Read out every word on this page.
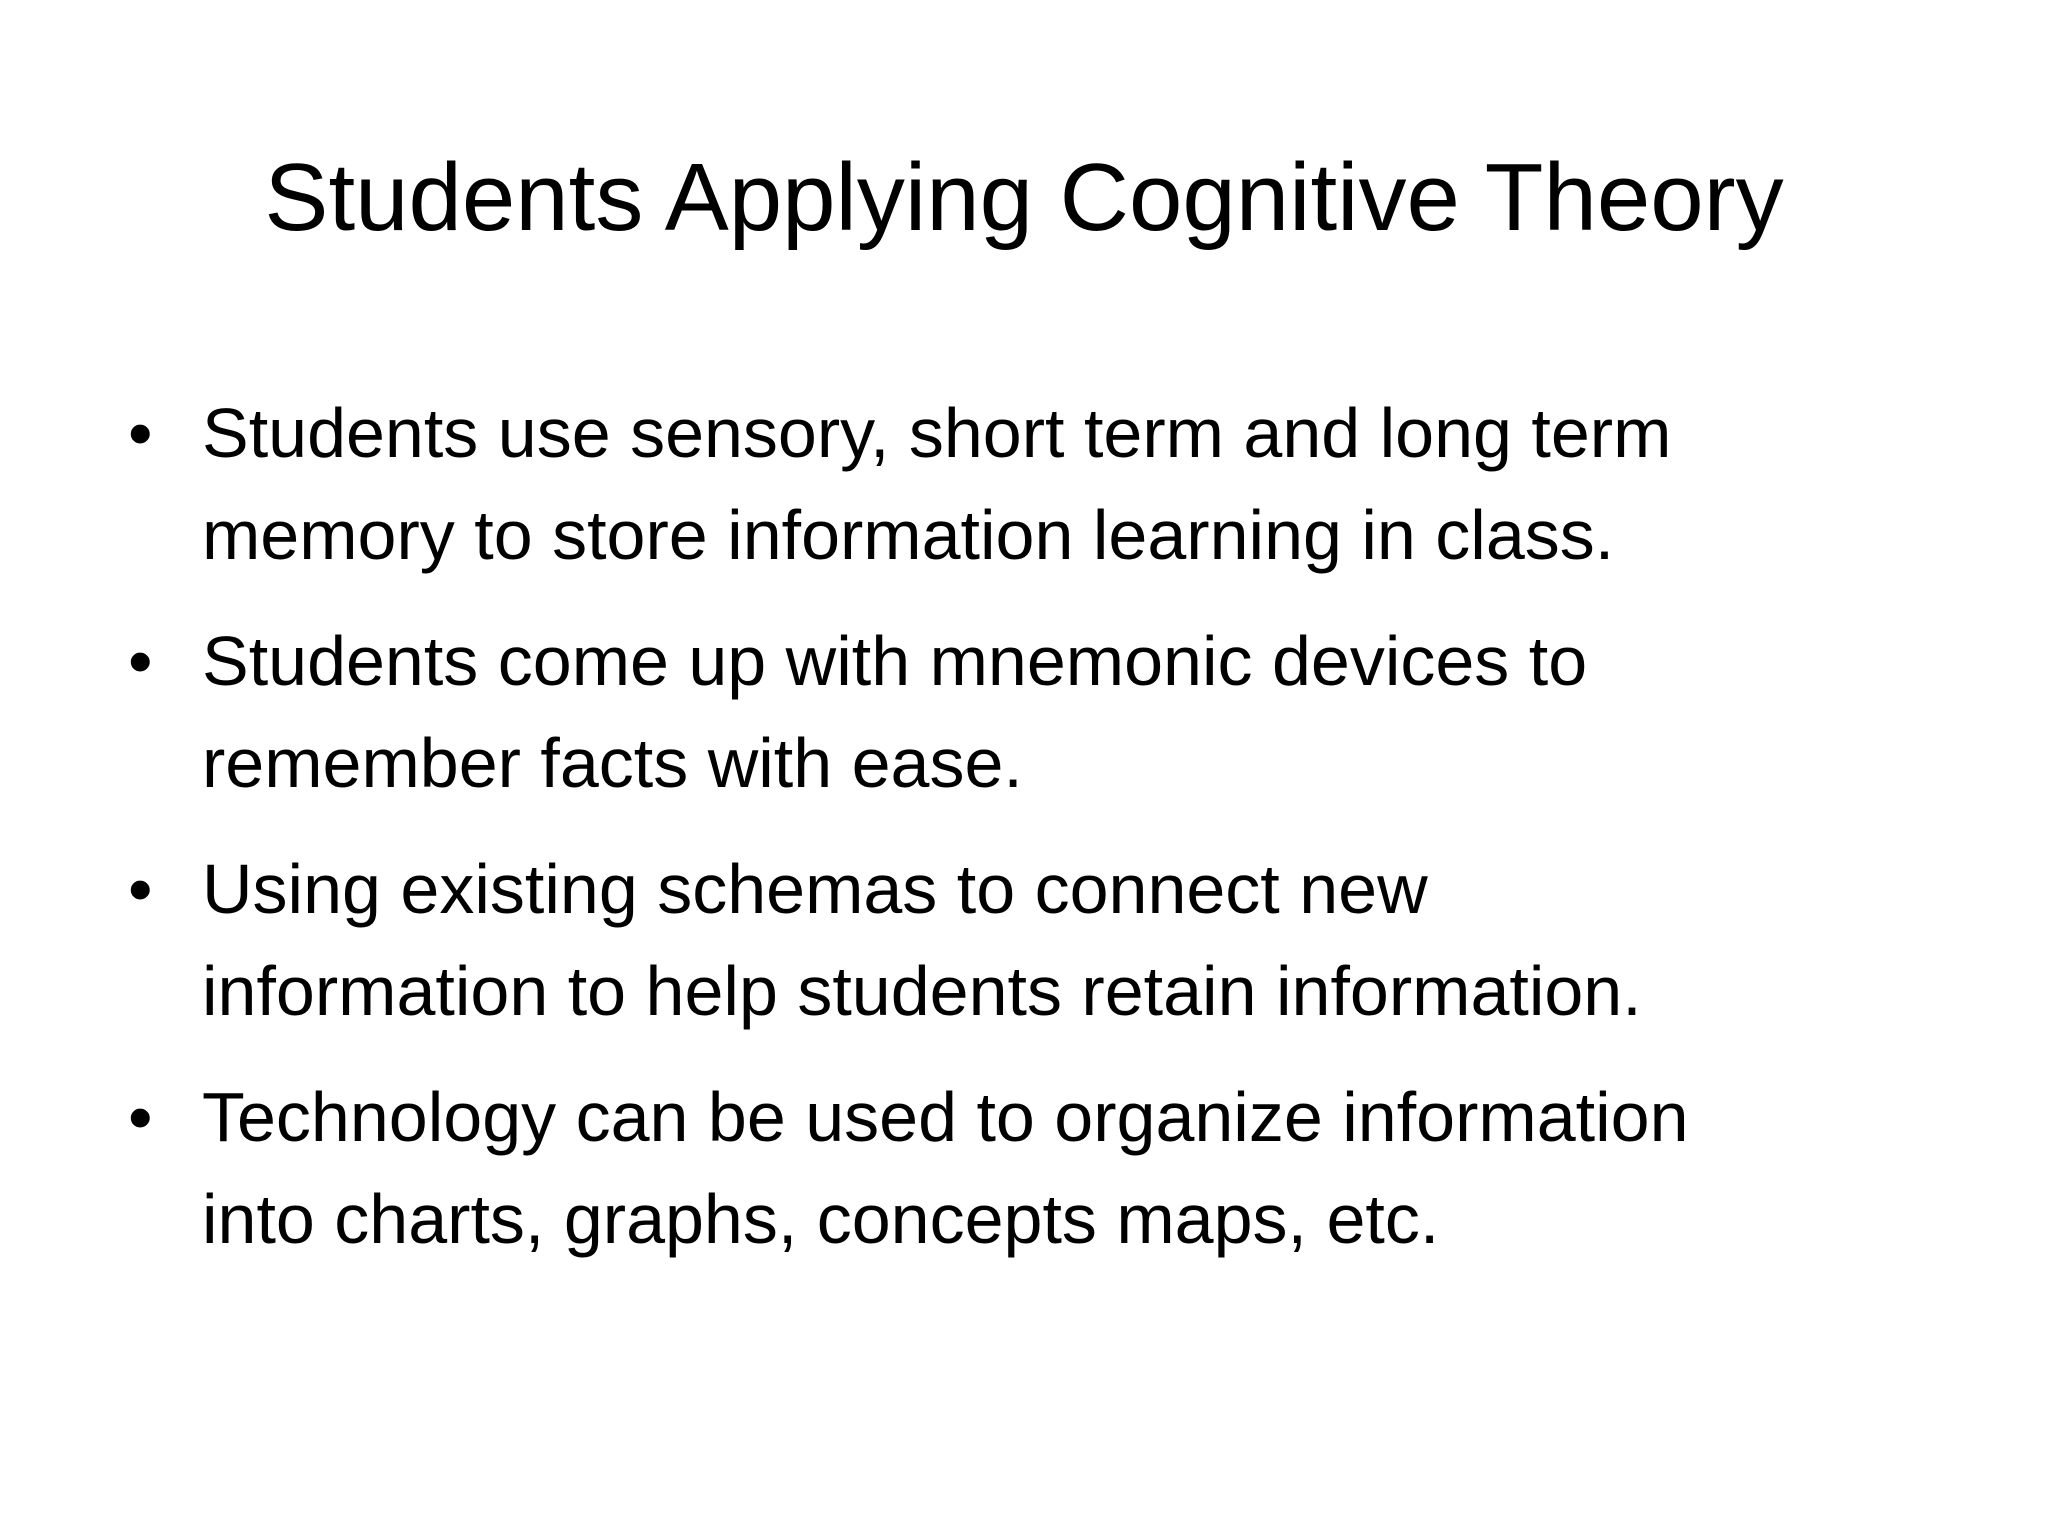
Students Applying Cognitive Theory
• Students use sensory, short term and long term
memory to store information learning in class.
• Students come up with mnemonic devices to
remember facts with ease.
• Using existing schemas to connect new
information to help students retain information.
• Technology can be used to organize information
into charts, graphs, concepts maps, etc.
